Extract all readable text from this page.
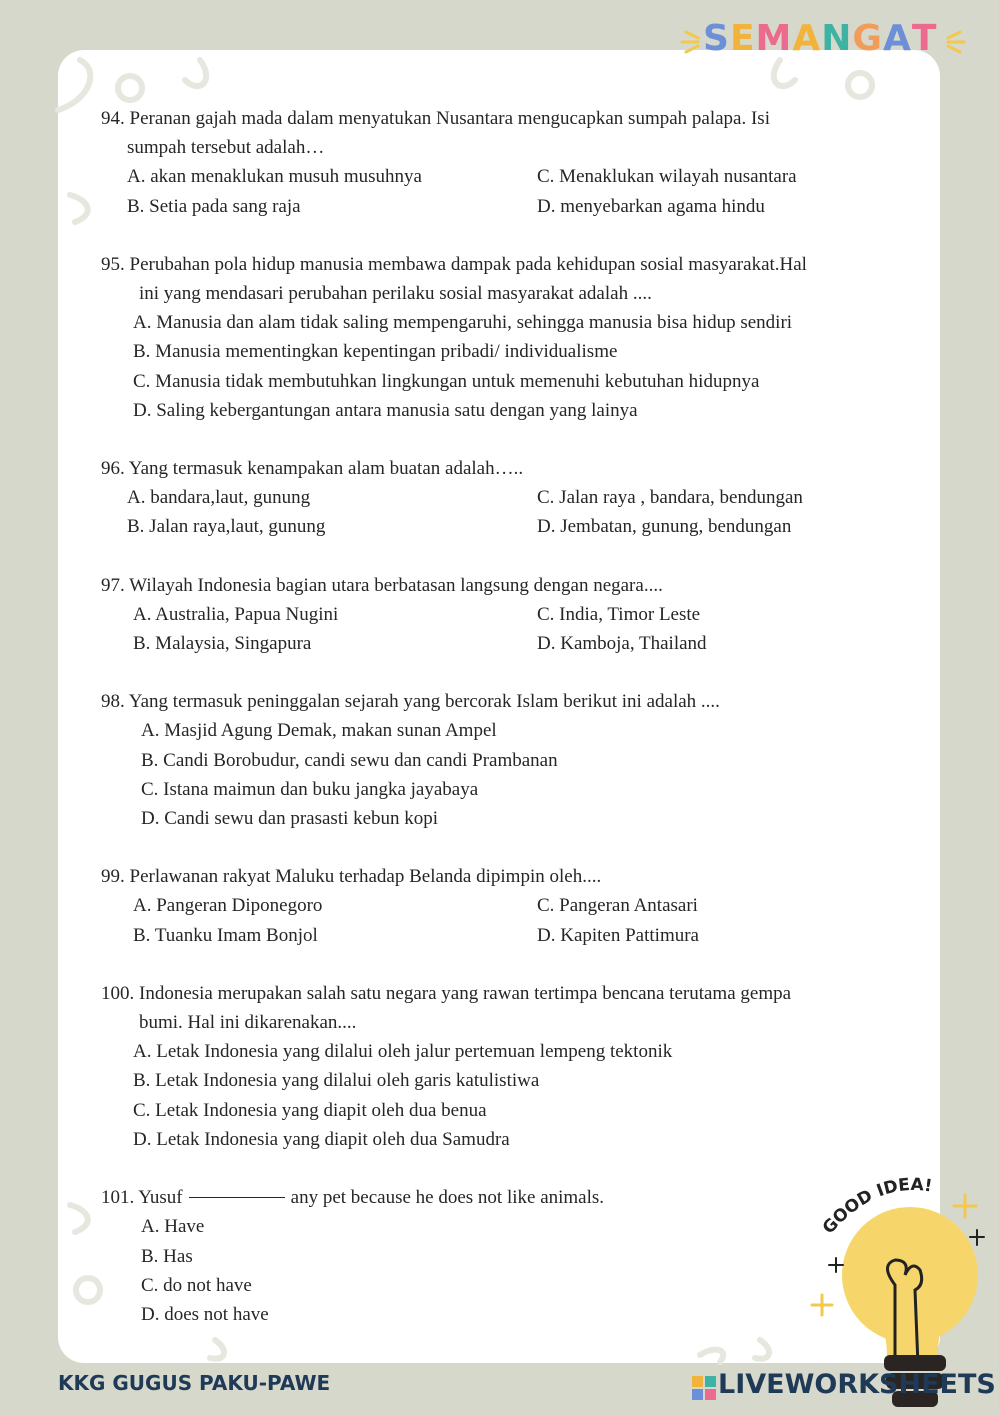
SEMANGAT
94. Peranan gajah mada dalam menyatukan Nusantara mengucapkan sumpah palapa. Isi
sumpah tersebut adalah…
A. akan menaklukan musuh musuhnya	C. Menaklukan wilayah nusantara
B. Setia pada sang raja	D. menyebarkan agama hindu
95. Perubahan pola hidup manusia membawa dampak pada kehidupan sosial masyarakat.Hal
ini yang mendasari perubahan perilaku sosial masyarakat adalah ....
A. Manusia dan alam tidak saling mempengaruhi, sehingga manusia bisa hidup sendiri
B. Manusia mementingkan kepentingan pribadi/ individualisme
C. Manusia tidak membutuhkan lingkungan untuk memenuhi kebutuhan hidupnya
D. Saling kebergantungan antara manusia satu dengan yang lainya
96. Yang termasuk kenampakan alam buatan adalah…..
A. bandara,laut, gunung	C. Jalan raya , bandara, bendungan
B. Jalan raya,laut, gunung	D. Jembatan, gunung, bendungan
97. Wilayah Indonesia bagian utara berbatasan langsung dengan negara....
A. Australia, Papua Nugini	C. India, Timor Leste
B. Malaysia, Singapura	D. Kamboja, Thailand
98. Yang termasuk peninggalan sejarah yang bercorak Islam berikut ini adalah ....
A. Masjid Agung Demak, makan sunan Ampel
B. Candi Borobudur, candi sewu dan candi Prambanan
C. Istana maimun dan buku jangka jayabaya
D. Candi sewu dan prasasti kebun kopi
99. Perlawanan rakyat Maluku terhadap Belanda dipimpin oleh....
A. Pangeran Diponegoro	C. Pangeran Antasari
B. Tuanku Imam Bonjol	D. Kapiten Pattimura
100. Indonesia merupakan salah satu negara yang rawan tertimpa bencana terutama gempa
bumi. Hal ini dikarenakan....
A. Letak Indonesia yang dilalui oleh jalur pertemuan lempeng tektonik
B. Letak Indonesia yang dilalui oleh garis katulistiwa
C. Letak Indonesia yang diapit oleh dua benua
D. Letak Indonesia yang diapit oleh dua Samudra
101. Yusuf	any pet because he does not like animals.
A. Have
B. Has
C. do not have
D. does not have
GOOD IDEA!
KKG GUGUS PAKU-PAWE	LIVEWORKSHEETS
